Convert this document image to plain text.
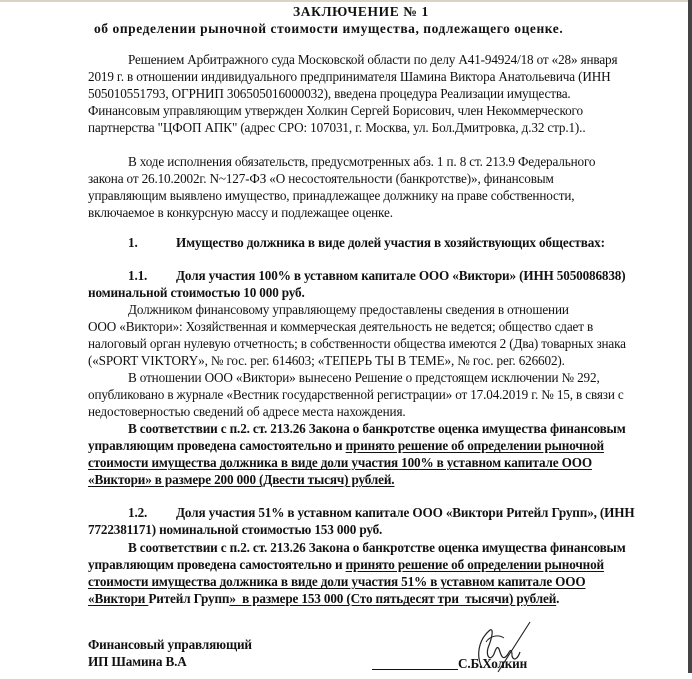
ЗАКЛЮЧЕНИЕ № 1
об определении рыночной стоимости имущества, подлежащего оценке.
Решением Арбитражного суда Московской области по делу А41-94924/18 от «28» января
2019 г. в отношении индивидуального предпринимателя Шамина Виктора Анатольевича (ИНН
505010551793, ОГРНИП 306505016000032), введена процедура Реализации имущества.
Финансовым управляющим утвержден Холкин Сергей Борисович, член Некоммерческого
партнерства "ЦФОП АПК" (адрес СРО: 107031, г. Москва, ул. Бол.Дмитровка, д.32 стр.1)..
В ходе исполнения обязательств, предусмотренных абз. 1 п. 8 ст. 213.9 Федерального
закона от 26.10.2002г. N~127-ФЗ «О несостоятельности (банкротстве)», финансовым
управляющим выявлено имущество, принадлежащее должнику на праве собственности,
включаемое в конкурсную массу и подлежащее оценке.
1.	Имущество должника в виде долей участия в хозяйствующих обществах:
1.1. Доля участия 100% в уставном капитале ООО «Виктори» (ИНН 5050086838)
номинальной стоимостью 10 000 руб.
Должником финансовому управляющему предоставлены сведения в отношении
ООО «Виктори»: Хозяйственная и коммерческая деятельность не ведется; общество сдает в
налоговый орган нулевую отчетность; в собственности общества имеются 2 (Два) товарных знака
(«SPORT VIKTORY», № гос. рег. 614603; «ТЕПЕРЬ ТЫ В ТЕМЕ», № гос. рег. 626602).
В отношении ООО «Виктори» вынесено Решение о предстоящем исключении № 292,
опубликовано в журнале «Вестник государственной регистрации» от 17.04.2019 г. № 15, в связи с
недостоверностью сведений об адресе места нахождения.
В соответствии с п.2. ст. 213.26 Закона о банкротстве оценка имущества финансовым
управляющим проведена самостоятельно и принято решение об определении рыночной
стоимости имущества должника в виде доли участия 100% в уставном капитале ООО
«Виктори» в размере 200 000 (Двести тысяч) рублей.
1.2. Доля участия 51% в уставном капитале ООО «Виктори Ритейл Групп», (ИНН
7722381171) номинальной стоимостью 153 000 руб.
В соответствии с п.2. ст. 213.26 Закона о банкротстве оценка имущества финансовым
управляющим проведена самостоятельно и принято решение об определении рыночной
стоимости имущества должника в виде доли участия 51% в уставном капитале ООО
«Виктори Ритейл Групп»  в размере 153 000 (Сто пятьдесят три  тысячи) рублей.
Финансовый управляющий
ИП Шамина В.А	С.Б.Холкин
